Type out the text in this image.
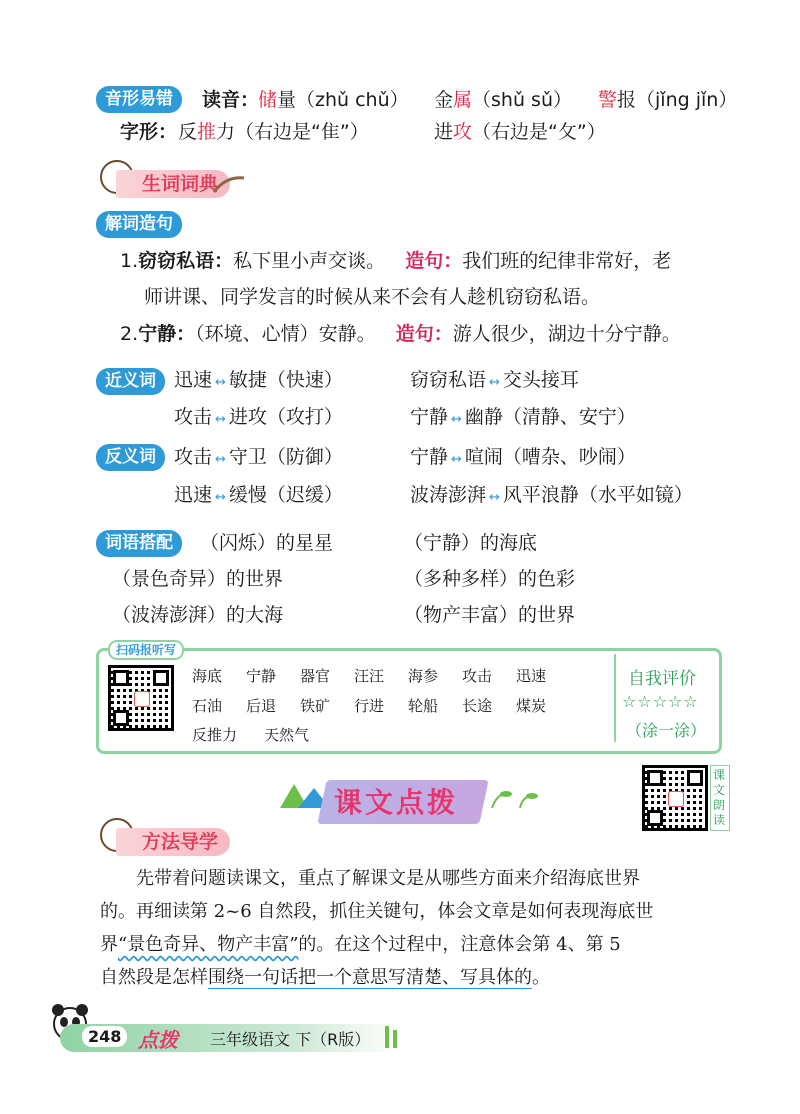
音形易错	读音：
储量（zhǔ chǔ） 金属（shǔ sǔ） 警报（jǐng jǐn）
字形： 反推力（右边是“隹”）	进攻（右边是“攵”）
生词词典
解词造句
1.窃窃私语：私下里小声交谈。 造句：我们班的纪律非常好，老
师讲课、同学发言的时候从来不会有人趁机窃窃私语。
2.宁静：（环境、心情）安静。 造句：游人很少，湖边十分宁静。
近义词 迅速 ↔ 敏捷（快速）	窃窃私语 ↔ 交头接耳
攻击 ↔ 进攻（攻打）	宁静 ↔ 幽静（清静、安宁）
反义词 攻击 ↔ 守卫（防御）	宁静 ↔ 喧闹（嘈杂、吵闹）
迅速 ↔ 缓慢（迟缓）	波涛澎湃 ↔ 风平浪静（水平如镜）
词语搭配	（闪烁）的星星	（宁静）的海底
（景色奇异）的世界	（多种多样）的色彩
（波涛澎湃）的大海	（物产丰富）的世界
扫码报听写
海底 宁静 器官 汪汪 海参 攻击 迅速
石油 后退 铁矿 行进 轮船 长途 煤炭
反推力 天然气
自我评价
☆☆☆☆☆
（涂一涂）
课文点拨
课文朗读
方法导学
先带着问题读课文，重点了解课文是从哪些方面来介绍海底世界
的。再细读第 2~6 自然段，抓住关键句，体会文章是如何表现海底世
界“景色奇异、物产丰富”的。在这个过程中，注意体会第 4、第 5
自然段是怎样围绕一句话把一个意思写清楚、写具体的。
248 点拨 三年级语文 下（R版）
